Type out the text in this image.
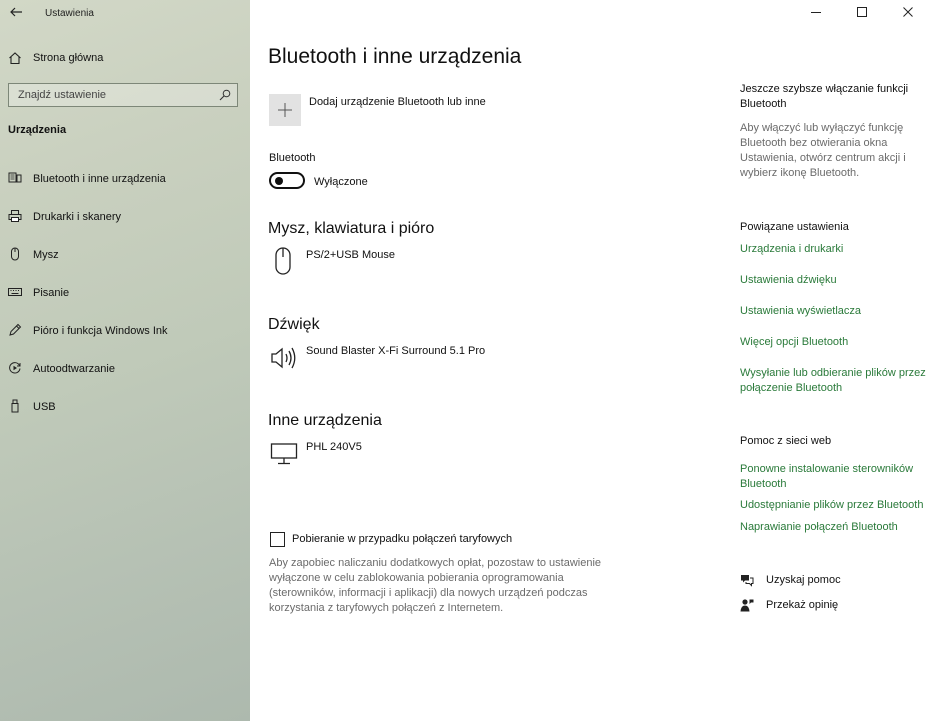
Ustawienia
Strona główna
Znajdź ustawienie
Urządzenia
Bluetooth i inne urządzenia
Drukarki i skanery
Mysz
Pisanie
Pióro i funkcja Windows Ink
Autoodtwarzanie
USB
Bluetooth i inne urządzenia
Dodaj urządzenie Bluetooth lub inne
Bluetooth
Wyłączone
Mysz, klawiatura i pióro
PS/2+USB Mouse
Dźwięk
Sound Blaster X-Fi Surround 5.1 Pro
Inne urządzenia
PHL 240V5
Pobieranie w przypadku połączeń taryfowych

Aby zapobiec naliczaniu dodatkowych opłat, pozostaw to ustawienie wyłączone w celu zablokowania pobierania oprogramowania (sterowników, informacji i aplikacji) dla nowych urządzeń podczas korzystania z taryfowych połączeń z Internetem.

Jeszcze szybsze włączanie funkcji Bluetooth
Aby włączyć lub wyłączyć funkcję Bluetooth bez otwierania okna Ustawienia, otwórz centrum akcji i wybierz ikonę Bluetooth.
Powiązane ustawienia
Urządzenia i drukarki
Ustawienia dźwięku
Ustawienia wyświetlacza
Więcej opcji Bluetooth
Wysyłanie lub odbieranie plików przez połączenie Bluetooth
Pomoc z sieci web
Ponowne instalowanie sterowników Bluetooth
Udostępnianie plików przez Bluetooth
Naprawianie połączeń Bluetooth
Uzyskaj pomoc
Przekaż opinię
